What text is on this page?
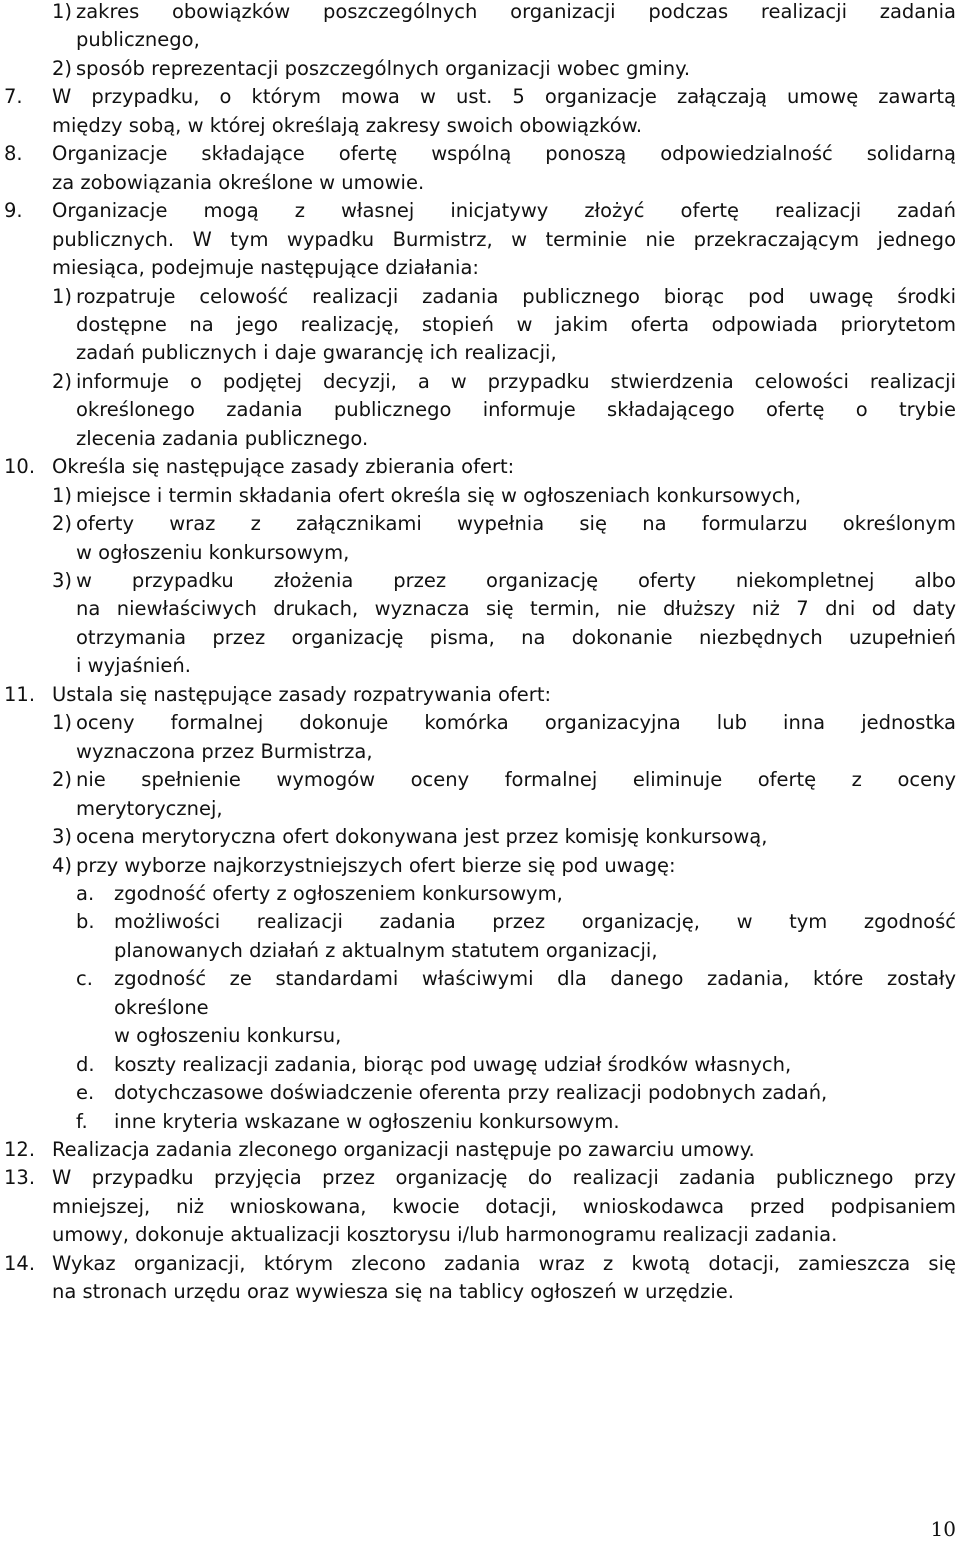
1) zakres obowiązków poszczególnych organizacji podczas realizacji zadania
publicznego,
2) sposób reprezentacji poszczególnych organizacji wobec gminy.
7. W przypadku, o którym mowa w ust. 5 organizacje załączają umowę zawartą
między sobą, w której określają zakresy swoich obowiązków.
8. Organizacje składające ofertę wspólną ponoszą odpowiedzialność solidarną
za zobowiązania określone w umowie.
9. Organizacje mogą z własnej inicjatywy złożyć ofertę realizacji zadań
publicznych. W tym wypadku Burmistrz, w terminie nie przekraczającym jednego
miesiąca, podejmuje następujące działania:
1) rozpatruje celowość realizacji zadania publicznego biorąc pod uwagę środki
dostępne na jego realizację, stopień w jakim oferta odpowiada priorytetom
zadań publicznych i daje gwarancję ich realizacji,
2) informuje o podjętej decyzji, a w przypadku stwierdzenia celowości realizacji
określonego zadania publicznego informuje składającego ofertę o trybie
zlecenia zadania publicznego.
10. Określa się następujące zasady zbierania ofert:
1) miejsce i termin składania ofert określa się w ogłoszeniach konkursowych,
2) oferty wraz z załącznikami wypełnia się na formularzu określonym
w ogłoszeniu konkursowym,
3) w przypadku złożenia przez organizację oferty niekompletnej albo
na niewłaściwych drukach, wyznacza się termin, nie dłuższy niż 7 dni od daty
otrzymania przez organizację pisma, na dokonanie niezbędnych uzupełnień
i wyjaśnień.
11. Ustala się następujące zasady rozpatrywania ofert:
1) oceny formalnej dokonuje komórka organizacyjna lub inna jednostka
wyznaczona przez Burmistrza,
2) nie spełnienie wymogów oceny formalnej eliminuje ofertę z oceny
merytorycznej,
3) ocena merytoryczna ofert dokonywana jest przez komisję konkursową,
4) przy wyborze najkorzystniejszych ofert bierze się pod uwagę:
a. zgodność oferty z ogłoszeniem konkursowym,
b. możliwości realizacji zadania przez organizację, w tym zgodność
planowanych działań z aktualnym statutem organizacji,
c. zgodność ze standardami właściwymi dla danego zadania, które zostały
określone
w ogłoszeniu konkursu,
d. koszty realizacji zadania, biorąc pod uwagę udział środków własnych,
e. dotychczasowe doświadczenie oferenta przy realizacji podobnych zadań,
f. inne kryteria wskazane w ogłoszeniu konkursowym.
12. Realizacja zadania zleconego organizacji następuje po zawarciu umowy.
13. W przypadku przyjęcia przez organizację do realizacji zadania publicznego przy
mniejszej, niż wnioskowana, kwocie dotacji, wnioskodawca przed podpisaniem
umowy, dokonuje aktualizacji kosztorysu i/lub harmonogramu realizacji zadania.
14. Wykaz organizacji, którym zlecono zadania wraz z kwotą dotacji, zamieszcza się
na stronach urzędu oraz wywiesza się na tablicy ogłoszeń w urzędzie.
10
